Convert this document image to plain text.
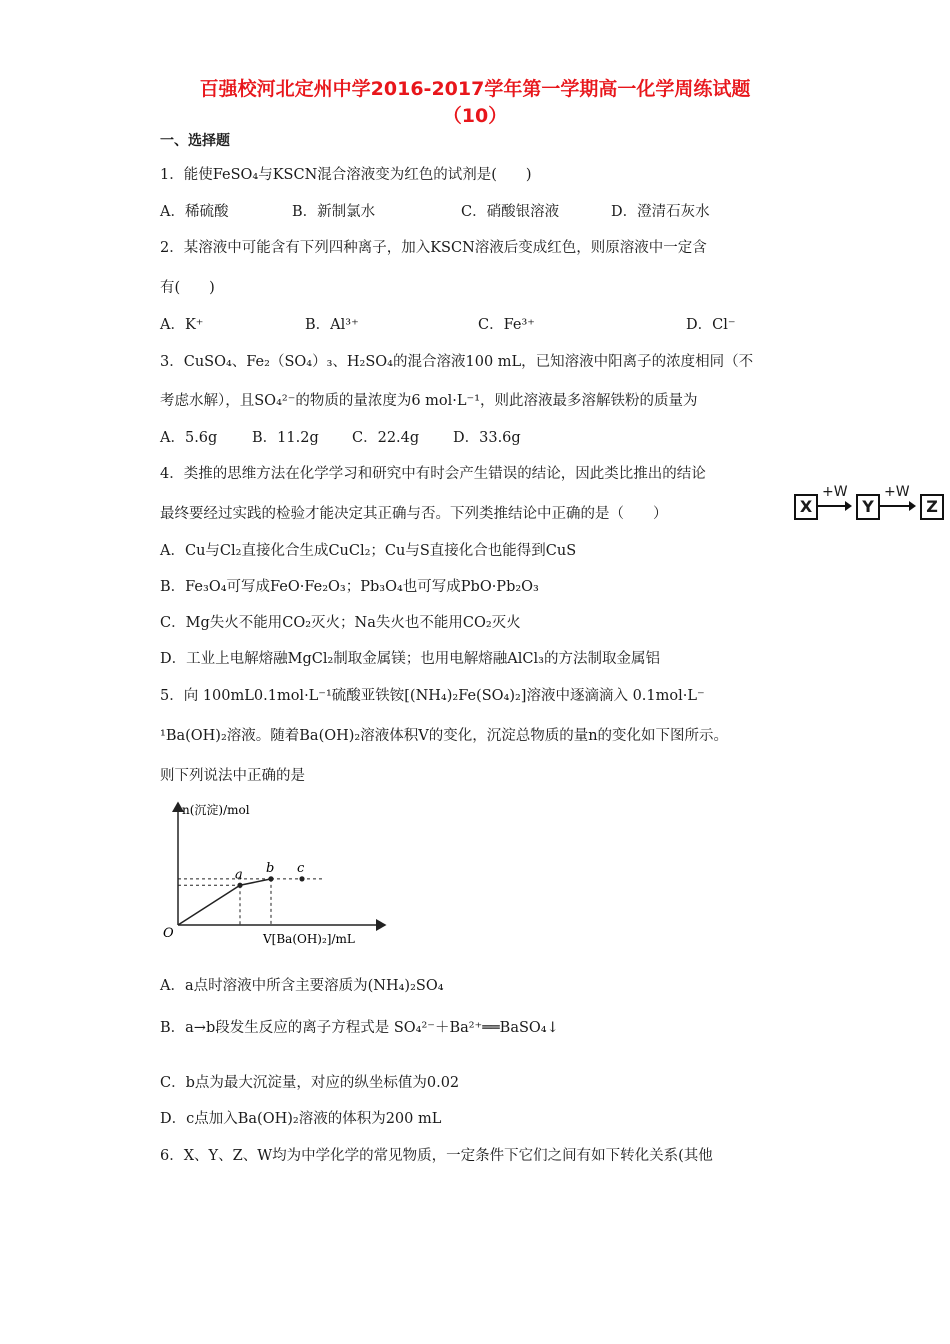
百强校河北定州中学2016-2017学年第一学期高一化学周练试题
（10）
一、选择题
1．能使FeSO₄与KSCN混合溶液变为红色的试剂是(　　)
A．稀硫酸	B．新制氯水	C．硝酸银溶液	D．澄清石灰水
2．某溶液中可能含有下列四种离子，加入KSCN溶液后变成红色，则原溶液中一定含
有(　　)
A．K⁺	B．Al³⁺	C．Fe³⁺	D．Cl⁻
3．CuSO₄、Fe₂（SO₄）₃、H₂SO₄的混合溶液100 mL，已知溶液中阳离子的浓度相同（不
考虑水解），且SO₄²⁻的物质的量浓度为6 mol·L⁻¹，则此溶液最多溶解铁粉的质量为
A．5.6g B．11.2g C．22.4g D．33.6g
4．类推的思维方法在化学学习和研究中有时会产生错误的结论，因此类比推出的结论
最终要经过实践的检验才能决定其正确与否。下列类推结论中正确的是（　　）
A．Cu与Cl₂直接化合生成CuCl₂；Cu与S直接化合也能得到CuS
B．Fe₃O₄可写成FeO·Fe₂O₃；Pb₃O₄也可写成PbO·Pb₂O₃
C．Mg失火不能用CO₂灭火；Na失火也不能用CO₂灭火
D．工业上电解熔融MgCl₂制取金属镁；也用电解熔融AlCl₃的方法制取金属铝
X
+W
Y
+W
Z
5．向 100mL0.1mol·L⁻¹硫酸亚铁铵[(NH₄)₂Fe(SO₄)₂]溶液中逐滴滴入 0.1mol·L⁻
¹Ba(OH)₂溶液。随着Ba(OH)₂溶液体积V的变化，沉淀总物质的量n的变化如下图所示。
则下列说法中正确的是
n(沉淀)/mol
V[Ba(OH)₂]/mL
O
a b c
A．a点时溶液中所含主要溶质为(NH₄)₂SO₄
B．a→b段发生反应的离子方程式是 SO₄²⁻＋Ba²⁺══BaSO₄↓
C．b点为最大沉淀量，对应的纵坐标值为0.02
D．c点加入Ba(OH)₂溶液的体积为200 mL
6．X、Y、Z、W均为中学化学的常见物质，一定条件下它们之间有如下转化关系(其他
